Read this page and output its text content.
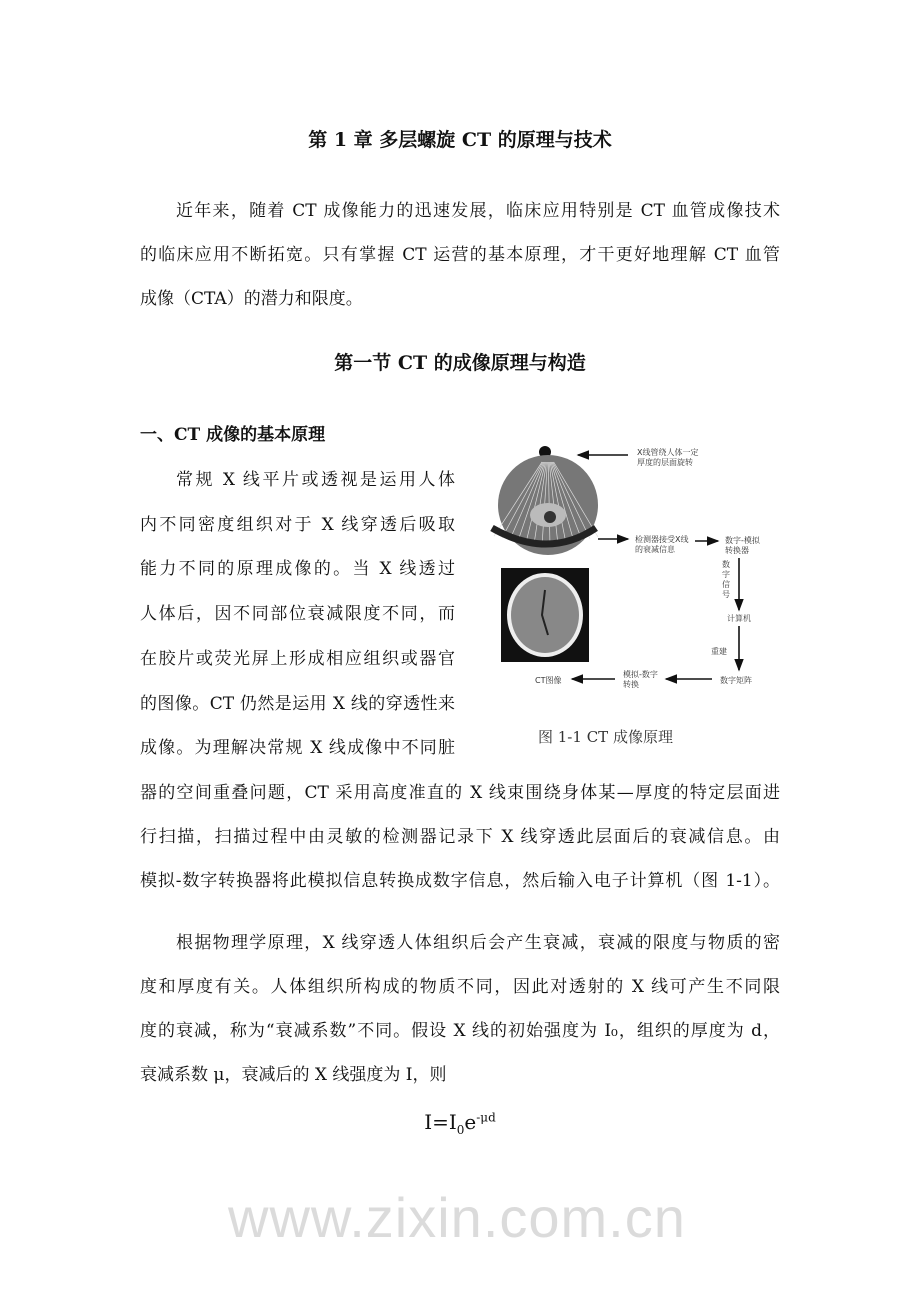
第 1 章 多层螺旋 CT 的原理与技术
近年来，随着 CT 成像能力的迅速发展，临床应用特别是 CT 血管成像技术
的临床应用不断拓宽。只有掌握 CT 运营的基本原理，才干更好地理解 CT 血管
成像（CTA）的潜力和限度。
第一节 CT 的成像原理与构造
一、CT 成像的基本原理
常规 X 线平片或透视是运用人体
内不同密度组织对于 X 线穿透后吸取
能力不同的原理成像的。当 X 线透过
人体后，因不同部位衰减限度不同，而
在胶片或荧光屏上形成相应组织或器官
的图像。CT 仍然是运用 X 线的穿透性来
成像。为理解决常规 X 线成像中不同脏
器的空间重叠问题，CT 采用高度准直的 X 线束围绕身体某—厚度的特定层面进
行扫描，扫描过程中由灵敏的检测器记录下 X 线穿透此层面后的衰减信息。由
模拟-数字转换器将此模拟信息转换成数字信息，然后输入电子计算机（图 1-1）。
根据物理学原理，X 线穿透人体组织后会产生衰减，衰减的限度与物质的密
度和厚度有关。人体组织所构成的物质不同，因此对透射的 X 线可产生不同限
度的衰减，称为“衰减系数”不同。假设 X 线的初始强度为 I₀，组织的厚度为 d，
衰减系数 μ，衰减后的 X 线强度为 I，则
www.zixin.com.cn
X线管绕人体一定
厚度的层面旋转
检测器接受X线
的衰减信息
数字-模拟
转换器
数
字
信
号
计算机
重建
数字矩阵
模拟-数字
转换
CT图像
图 1-1 CT 成像原理
$I=I_0e^{-\mu d}$
